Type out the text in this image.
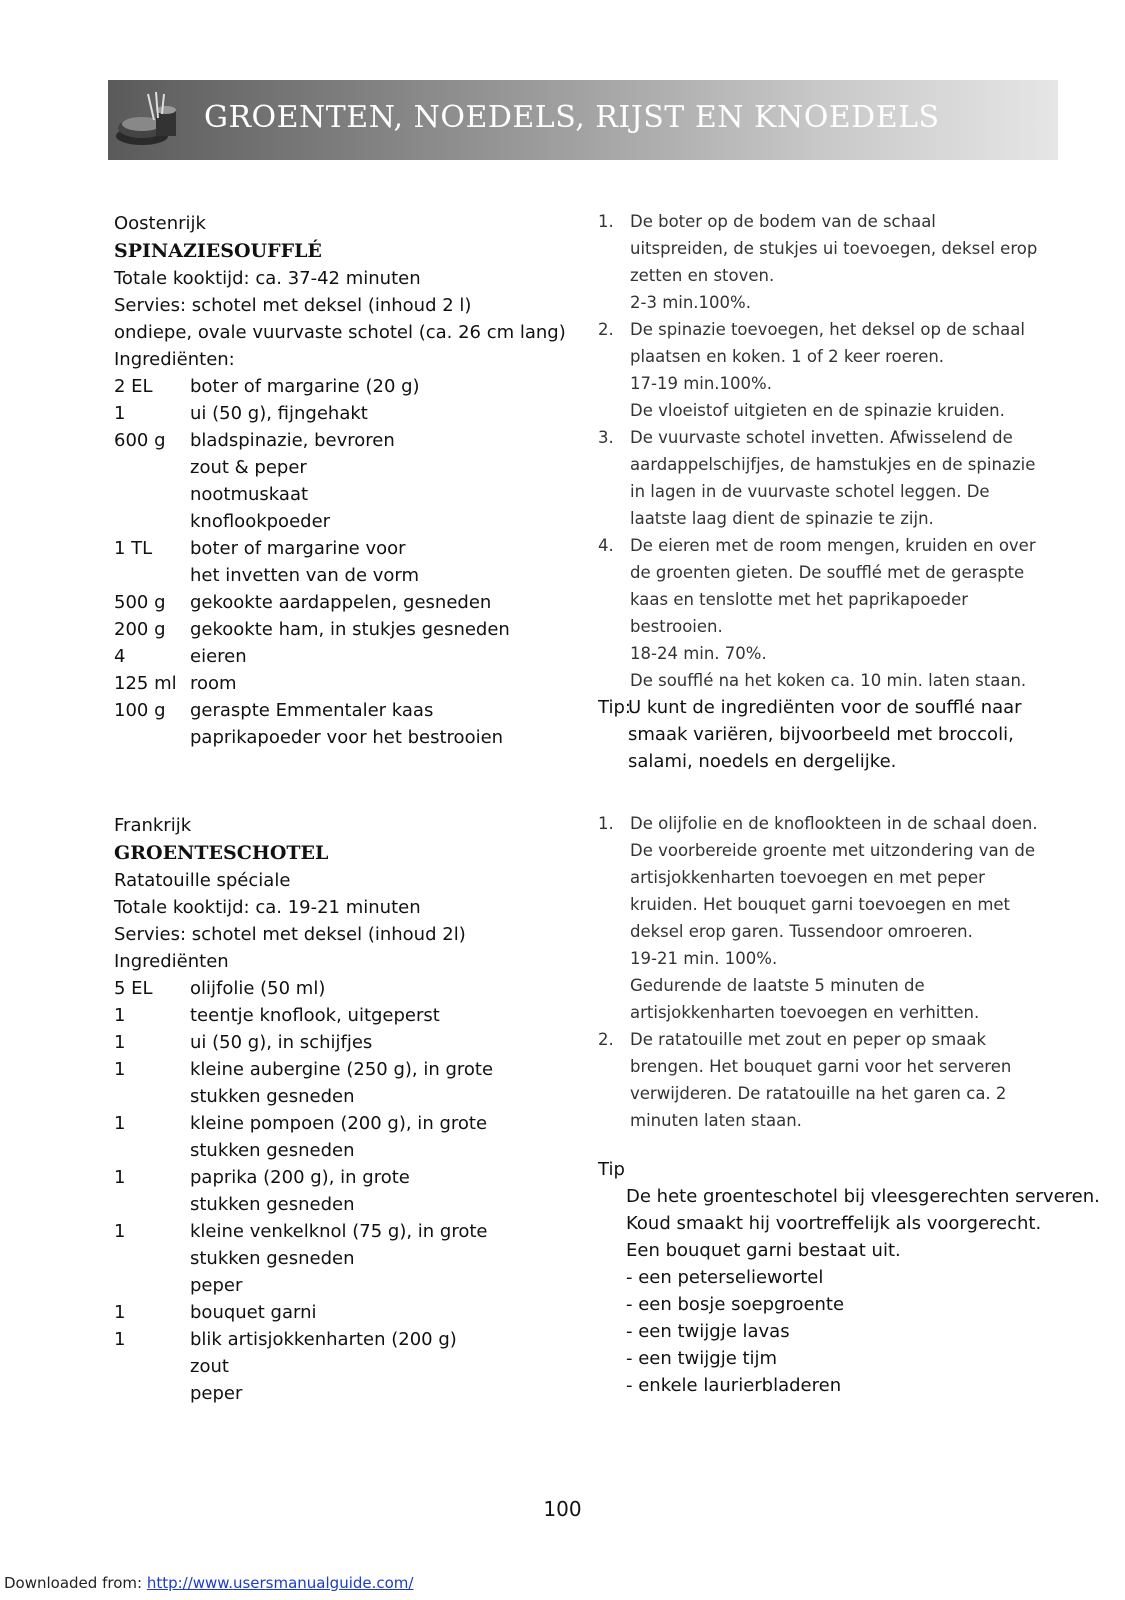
GROENTEN, NOEDELS, RIJST EN KNOEDELS
Oostenrijk
SPINAZIESOUFFLÉ
Totale kooktijd: ca. 37-42 minuten
Servies: schotel met deksel (inhoud 2 l)
ondiepe, ovale vuurvaste schotel (ca. 26 cm lang)
Ingrediënten:
2 EL	boter of margarine (20 g)
1	ui (50 g), fijngehakt
600 g	bladspinazie, bevroren
zout & peper
nootmuskaat
knoflookpoeder
1 TL	boter of margarine voor
het invetten van de vorm
500 g	gekookte aardappelen, gesneden
200 g	gekookte ham, in stukjes gesneden
4	eieren
125 ml room
100 g	geraspte Emmentaler kaas
paprikapoeder voor het bestrooien
1. De boter op de bodem van de schaal
uitspreiden, de stukjes ui toevoegen, deksel erop
zetten en stoven.
2-3 min.100%.
2. De spinazie toevoegen, het deksel op de schaal
plaatsen en koken. 1 of 2 keer roeren.
17-19 min.100%.
De vloeistof uitgieten en de spinazie kruiden.
3. De vuurvaste schotel invetten. Afwisselend de
aardappelschijfjes, de hamstukjes en de spinazie
in lagen in de vuurvaste schotel leggen. De
laatste laag dient de spinazie te zijn.
4. De eieren met de room mengen, kruiden en over
de groenten gieten. De soufflé met de geraspte
kaas en tenslotte met het paprikapoeder
bestrooien.
18-24 min. 70%.
De soufflé na het koken ca. 10 min. laten staan.
Tip:
U kunt de ingrediënten voor de soufflé naar
smaak variëren, bijvoorbeeld met broccoli,
salami, noedels en dergelijke.
Frankrijk
GROENTESCHOTEL
Ratatouille spéciale
Totale kooktijd: ca. 19-21 minuten
Servies: schotel met deksel (inhoud 2l)
Ingrediënten
5 EL	olijfolie (50 ml)
1	teentje knoflook, uitgeperst
1	ui (50 g), in schijfjes
1	kleine aubergine (250 g), in grote
stukken gesneden
1	kleine pompoen (200 g), in grote
stukken gesneden
1	paprika (200 g), in grote
stukken gesneden
1	kleine venkelknol (75 g), in grote
stukken gesneden
peper
1	bouquet garni
1	blik artisjokkenharten (200 g)
zout
peper
1. De olijfolie en de knoflookteen in de schaal doen.
De voorbereide groente met uitzondering van de
artisjokkenharten toevoegen en met peper
kruiden. Het bouquet garni toevoegen en met
deksel erop garen. Tussendoor omroeren.
19-21 min. 100%.
Gedurende de laatste 5 minuten de
artisjokkenharten toevoegen en verhitten.
2. De ratatouille met zout en peper op smaak
brengen. Het bouquet garni voor het serveren
verwijderen. De ratatouille na het garen ca. 2
minuten laten staan.
Tip
De hete groenteschotel bij vleesgerechten serveren.
Koud smaakt hij voortreffelijk als voorgerecht.
Een bouquet garni bestaat uit.
- een peterseliewortel
- een bosje soepgroente
- een twijgje lavas
- een twijgje tijm
- enkele laurierbladeren
100
Downloaded from: http://www.usersmanualguide.com/
